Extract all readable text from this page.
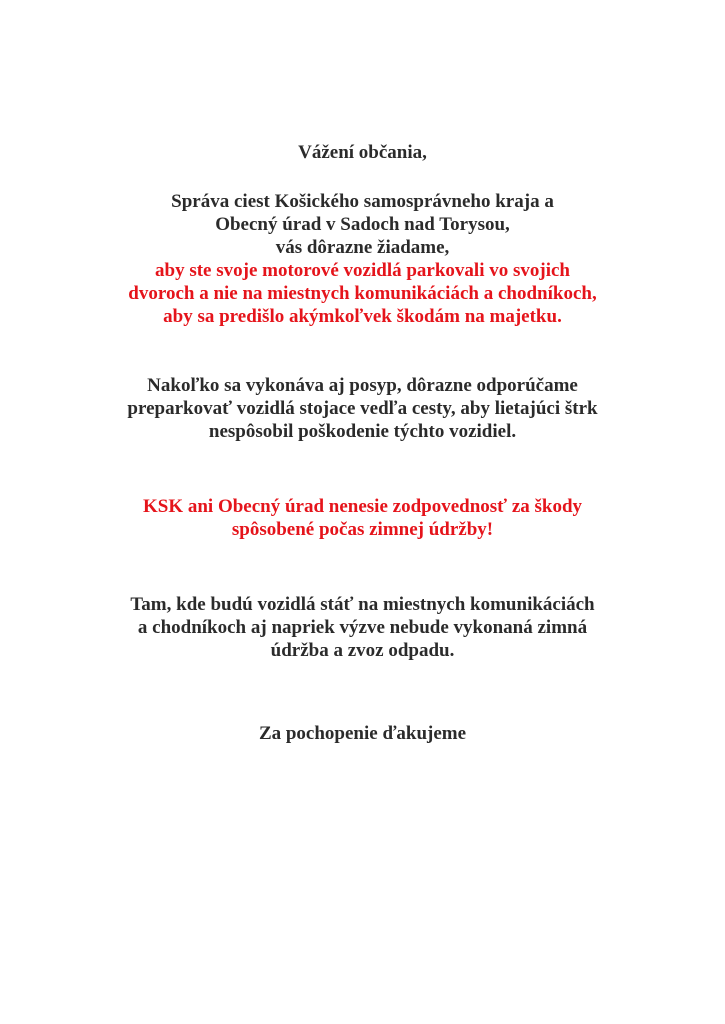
Vážení občania,
Správa ciest Košického samosprávneho kraja a
Obecný úrad v Sadoch nad Torysou,
vás dôrazne žiadame,
aby ste svoje motorové vozidlá parkovali vo svojich
dvoroch a nie na miestnych komunikáciách a chodníkoch,
aby sa predišlo akýmkoľvek škodám na majetku.
Nakoľko sa vykonáva aj posyp, dôrazne odporúčame
preparkovať vozidlá stojace vedľa cesty, aby lietajúci štrk
nespôsobil poškodenie týchto vozidiel.
KSK ani Obecný úrad nenesie zodpovednosť za škody
spôsobené počas zimnej údržby!
Tam, kde budú vozidlá stáť na miestnych komunikáciách
a chodníkoch aj napriek výzve nebude vykonaná zimná
údržba a zvoz odpadu.
Za pochopenie ďakujeme
